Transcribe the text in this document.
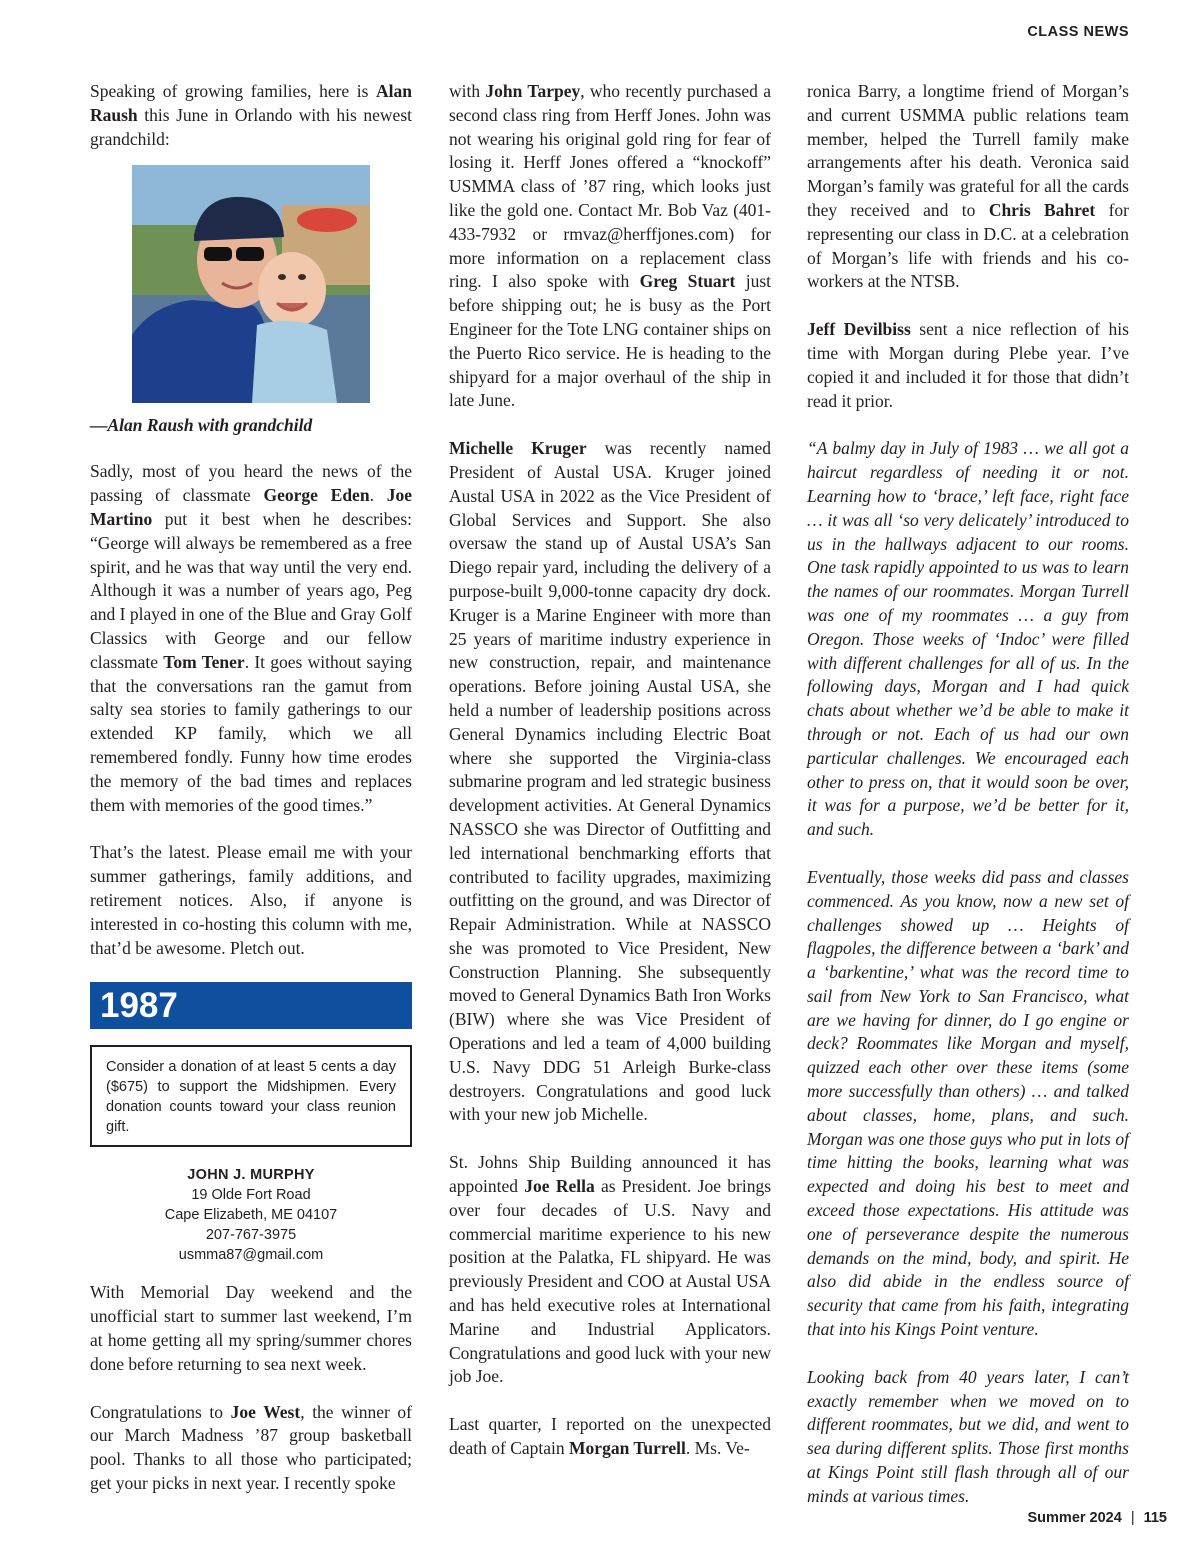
CLASS NEWS

Speaking of growing families, here is Alan Raush this June in Orlando with his newest grandchild:

—Alan Raush with grandchild

Sadly, most of you heard the news of the passing of classmate George Eden. Joe Martino put it best when he describes: “George will always be remembered as a free spirit, and he was that way until the very end. Although it was a number of years ago, Peg and I played in one of the Blue and Gray Golf Classics with George and our fellow classmate Tom Tener. It goes without saying that the conversations ran the gamut from salty sea stories to family gatherings to our extended KP family, which we all remembered fondly. Funny how time erodes the memory of the bad times and replaces them with memories of the good times.”

That’s the latest. Please email me with your summer gatherings, family additions, and retirement notices. Also, if anyone is interested in co-hosting this column with me, that’d be awesome. Pletch out.

1987
Consider a donation of at least 5 cents a day ($675) to support the Midshipmen. Every donation counts toward your class reunion gift.
JOHN J. MURPHY
19 Olde Fort Road
Cape Elizabeth, ME 04107
207-767-3975
usmma87@gmail.com

With Memorial Day weekend and the unofficial start to summer last weekend, I’m at home getting all my spring/summer chores done before returning to sea next week.

Congratulations to Joe West, the winner of our March Madness ’87 group basketball pool. Thanks to all those who participated; get your picks in next year. I recently spoke

with John Tarpey, who recently purchased a second class ring from Herff Jones. John was not wearing his original gold ring for fear of losing it. Herff Jones offered a “knockoff” USMMA class of ’87 ring, which looks just like the gold one. Contact Mr. Bob Vaz (401-433-7932 or rmvaz@herffjones.com) for more information on a replacement class ring. I also spoke with Greg Stuart just before shipping out; he is busy as the Port Engineer for the Tote LNG container ships on the Puerto Rico service. He is heading to the shipyard for a major overhaul of the ship in late June.

Michelle Kruger was recently named President of Austal USA. Kruger joined Austal USA in 2022 as the Vice President of Global Services and Support. She also oversaw the stand up of Austal USA’s San Diego repair yard, including the delivery of a purpose-built 9,000-tonne capacity dry dock. Kruger is a Marine Engineer with more than 25 years of maritime industry experience in new construction, repair, and maintenance operations. Before joining Austal USA, she held a number of leadership positions across General Dynamics including Electric Boat where she supported the Virginia-class submarine program and led strategic business development activities. At General Dynamics NASSCO she was Director of Outfitting and led international benchmarking efforts that contributed to facility upgrades, maximizing outfitting on the ground, and was Director of Repair Administration. While at NASSCO she was promoted to Vice President, New Construction Planning. She subsequently moved to General Dynamics Bath Iron Works (BIW) where she was Vice President of Operations and led a team of 4,000 building U.S. Navy DDG 51 Arleigh Burke-class destroyers. Congratulations and good luck with your new job Michelle.

St. Johns Ship Building announced it has appointed Joe Rella as President. Joe brings over four decades of U.S. Navy and commercial maritime experience to his new position at the Palatka, FL shipyard. He was previously President and COO at Austal USA and has held executive roles at International Marine and Industrial Applicators. Congratulations and good luck with your new job Joe.

Last quarter, I reported on the unexpected death of Captain Morgan Turrell. Ms. Ve-

ronica Barry, a longtime friend of Morgan’s and current USMMA public relations team member, helped the Turrell family make arrangements after his death. Veronica said Morgan’s family was grateful for all the cards they received and to Chris Bahret for representing our class in D.C. at a celebration of Morgan’s life with friends and his co-workers at the NTSB.

Jeff Devilbiss sent a nice reflection of his time with Morgan during Plebe year. I’ve copied it and included it for those that didn’t read it prior.

“A balmy day in July of 1983 … we all got a haircut regardless of needing it or not. Learning how to ‘brace,’ left face, right face … it was all ‘so very delicately’ introduced to us in the hallways adjacent to our rooms. One task rapidly appointed to us was to learn the names of our roommates. Morgan Turrell was one of my roommates … a guy from Oregon. Those weeks of ‘Indoc’ were filled with different challenges for all of us. In the following days, Morgan and I had quick chats about whether we’d be able to make it through or not. Each of us had our own particular challenges. We encouraged each other to press on, that it would soon be over, it was for a purpose, we’d be better for it, and such.

Eventually, those weeks did pass and classes commenced. As you know, now a new set of challenges showed up … Heights of flagpoles, the difference between a ‘bark’ and a ‘barkentine,’ what was the record time to sail from New York to San Francisco, what are we having for dinner, do I go engine or deck? Roommates like Morgan and myself, quizzed each other over these items (some more successfully than others) … and talked about classes, home, plans, and such. Morgan was one those guys who put in lots of time hitting the books, learning what was expected and doing his best to meet and exceed those expectations. His attitude was one of perseverance despite the numerous demands on the mind, body, and spirit. He also did abide in the endless source of security that came from his faith, integrating that into his Kings Point venture.

Looking back from 40 years later, I can’t exactly remember when we moved on to different roommates, but we did, and went to sea during different splits. Those first months at Kings Point still flash through all of our minds at various times.

Summer 2024 | 115
